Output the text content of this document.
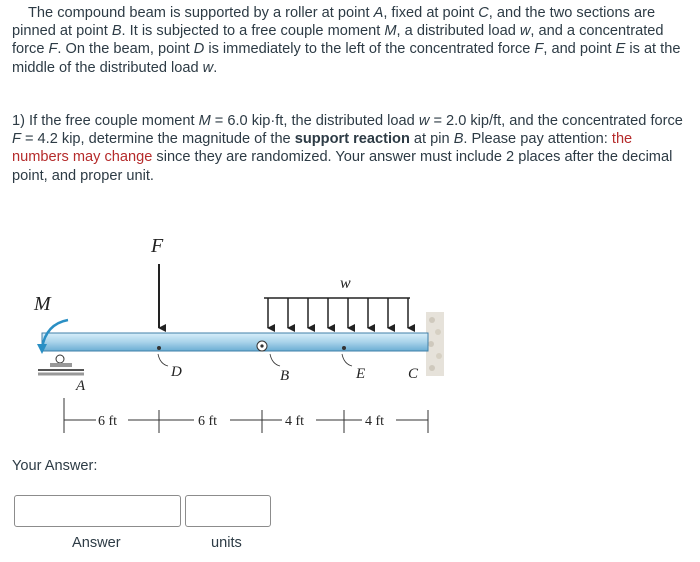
The compound beam is supported by a roller at point A, fixed at point C, and the two sections are pinned at point B. It is subjected to a free couple moment M, a distributed load w, and a concentrated force F. On the beam, point D is immediately to the left of the concentrated force F, and point E is at the middle of the distributed load w.

1) If the free couple moment M = 6.0 kip·ft, the distributed load w = 2.0 kip/ft, and the concentrated force F = 4.2 kip, determine the magnitude of the support reaction at pin B. Please pay attention: the numbers may change since they are randomized. Your answer must include 2 places after the decimal point, and proper unit.

M
F
w
A
D	B	E	C
6 ft	6 ft	4 ft	4 ft
Your Answer:
Answer	units
